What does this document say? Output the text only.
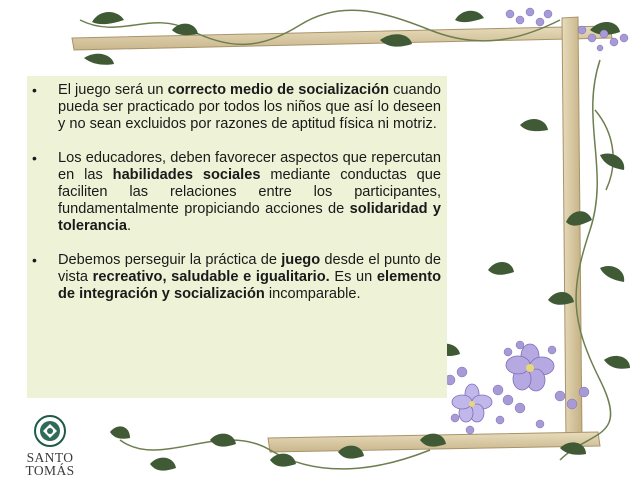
• El juego será un correcto medio de socialización cuando pueda ser practicado por todos los niños que así lo deseen y no sean excluidos por razones de aptitud física ni motriz.
• Los educadores, deben favorecer aspectos que repercutan en las habilidades sociales mediante conductas que faciliten las relaciones entre los participantes, fundamentalmente propiciando acciones de solidaridad y tolerancia.
• Debemos perseguir la práctica de juego desde el punto de vista recreativo, saludable e igualitario. Es un elemento de integración y socialización incomparable.
SANTO
TOMÁS
